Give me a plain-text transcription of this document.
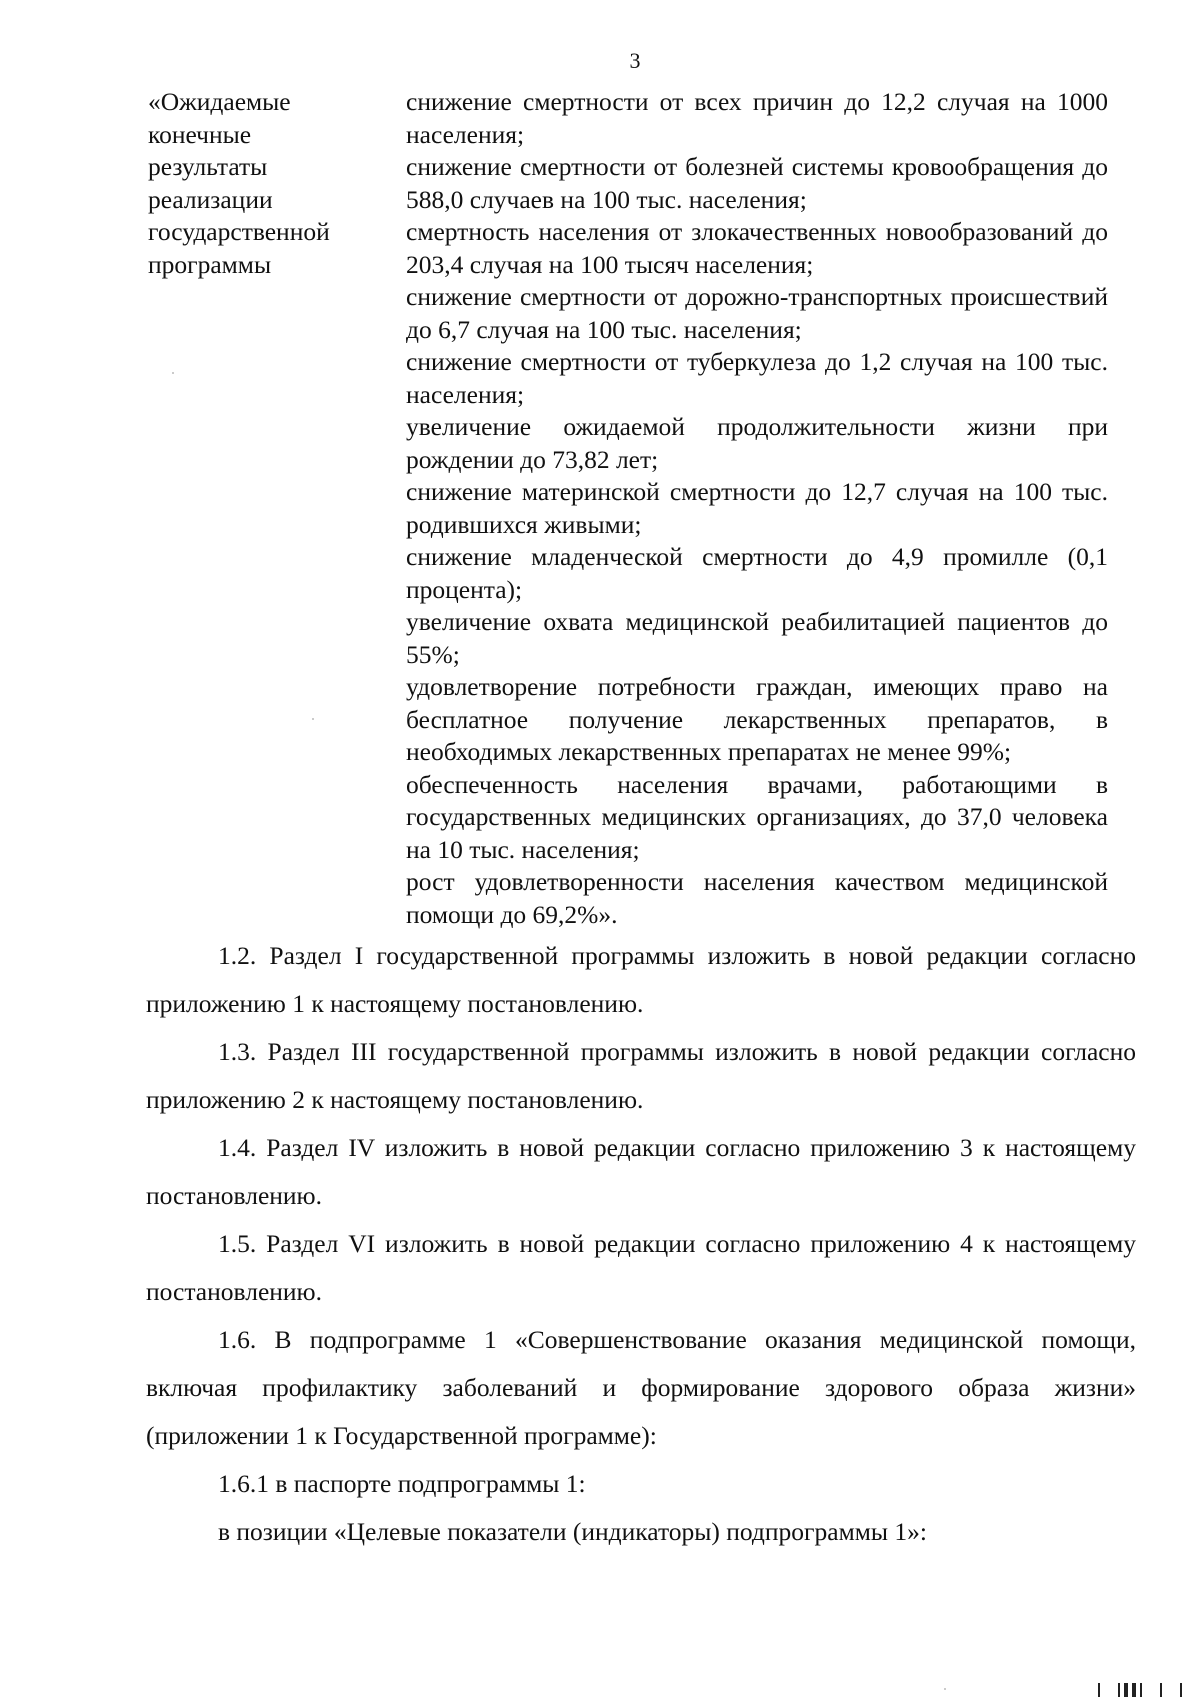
3
«Ожидаемые
конечные
результаты
реализации
государственной
программы

снижение смертности от всех причин до 12,2 случая на 1000 населения;

снижение смертности от болезней системы кровообращения до 588,0 случаев на 100 тыс. населения;

смертность населения от злокачественных новообразований до 203,4 случая на 100 тысяч населения;

снижение смертности от дорожно-транспортных происшествий до 6,7 случая на 100 тыс. населения;

снижение смертности от туберкулеза до 1,2 случая на 100 тыс. населения;

увеличение ожидаемой продолжительности жизни при рождении до 73,82 лет;

снижение материнской смертности до 12,7 случая на 100 тыс. родившихся живыми;

снижение младенческой смертности до 4,9 промилле (0,1 процента);

увеличение охвата медицинской реабилитацией пациентов до 55%;

удовлетворение потребности граждан, имеющих право на бесплатное получение лекарственных препаратов, в необходимых лекарственных препаратах не менее 99%;

обеспеченность населения врачами, работающими в государственных медицинских организациях, до 37,0 человека на 10 тыс. населения;

рост удовлетворенности населения качеством медицинской помощи до 69,2%».

1.2. Раздел I государственной программы изложить в новой редакции согласно приложению 1 к настоящему постановлению.

1.3. Раздел III государственной программы изложить в новой редакции согласно приложению 2 к настоящему постановлению.

1.4. Раздел IV изложить в новой редакции согласно приложению 3 к настоящему постановлению.

1.5. Раздел VI изложить в новой редакции согласно приложению 4 к настоящему постановлению.

1.6. В подпрограмме 1 «Совершенствование оказания медицинской помощи, включая профилактику заболеваний и формирование здорового образа жизни» (приложении 1 к Государственной программе):

1.6.1 в паспорте подпрограммы 1:

в позиции «Целевые показатели (индикаторы) подпрограммы 1»:
